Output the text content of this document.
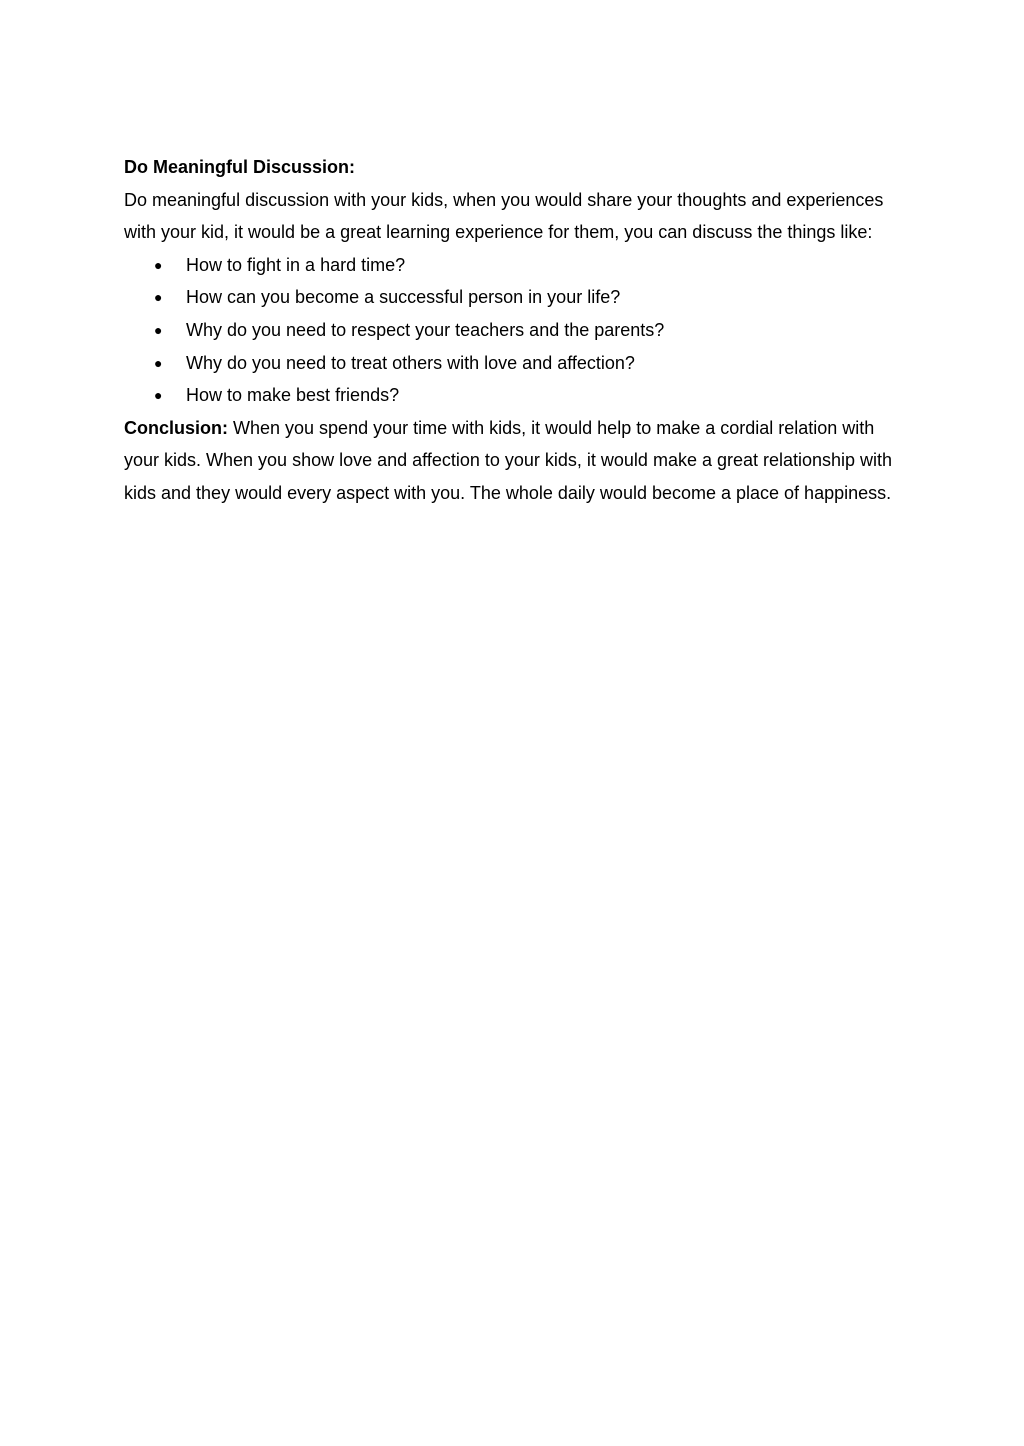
Do Meaningful Discussion:

Do meaningful discussion with your kids, when you would share your thoughts and experiences with your kid, it would be a great learning experience for them, you can discuss the things like:

● How to fight in a hard time?
● How can you become a successful person in your life?
● Why do you need to respect your teachers and the parents?
● Why do you need to treat others with love and affection?
● How to make best friends?

Conclusion: When you spend your time with kids, it would help to make a cordial relation with your kids. When you show love and affection to your kids, it would make a great relationship with kids and they would every aspect with you. The whole daily would become a place of happiness.
